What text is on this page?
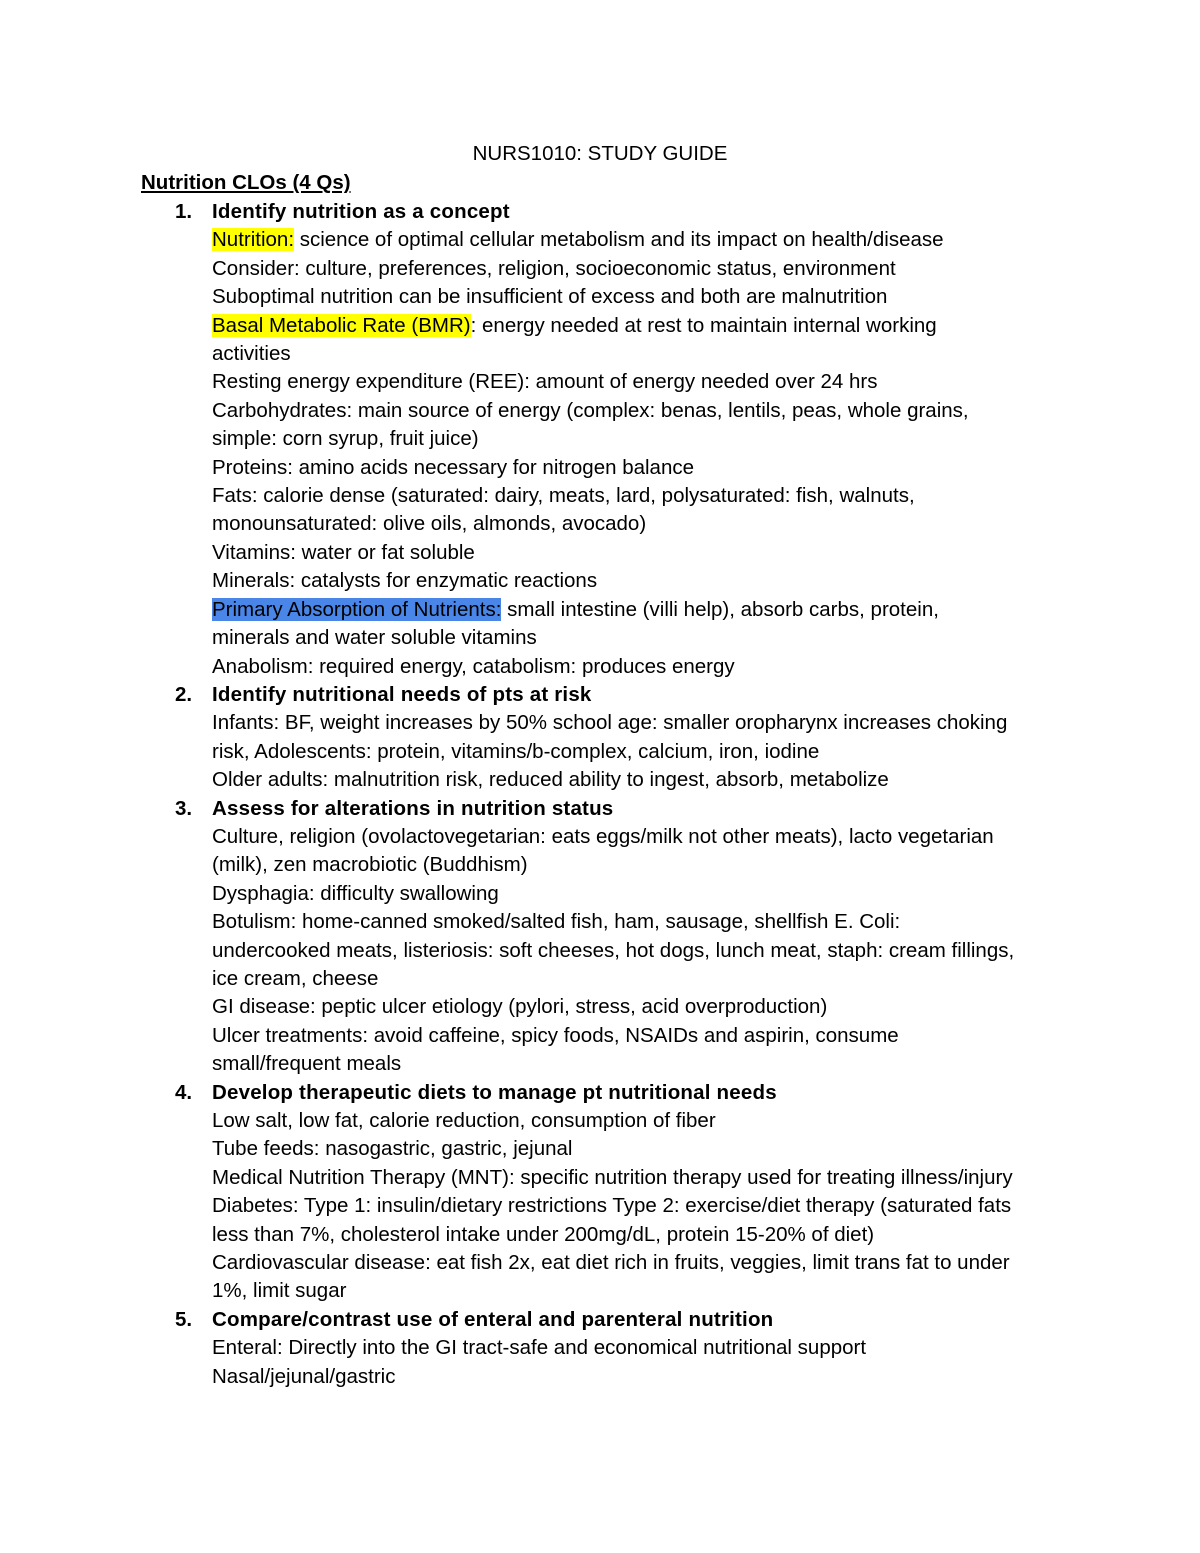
NURS1010: STUDY GUIDE
Nutrition CLOs (4 Qs)
1. Identify nutrition as a concept
Nutrition: science of optimal cellular metabolism and its impact on health/disease
Consider: culture, preferences, religion, socioeconomic status, environment
Suboptimal nutrition can be insufficient of excess and both are malnutrition
Basal Metabolic Rate (BMR): energy needed at rest to maintain internal working
activities
Resting energy expenditure (REE): amount of energy needed over 24 hrs
Carbohydrates: main source of energy (complex: benas, lentils, peas, whole grains,
simple: corn syrup, fruit juice)
Proteins: amino acids necessary for nitrogen balance
Fats: calorie dense (saturated: dairy, meats, lard, polysaturated: fish, walnuts,
monounsaturated: olive oils, almonds, avocado)
Vitamins: water or fat soluble
Minerals: catalysts for enzymatic reactions
Primary Absorption of Nutrients: small intestine (villi help), absorb carbs, protein,
minerals and water soluble vitamins
Anabolism: required energy, catabolism: produces energy
2. Identify nutritional needs of pts at risk
Infants: BF, weight increases by 50% school age: smaller oropharynx increases choking
risk, Adolescents: protein, vitamins/b-complex, calcium, iron, iodine
Older adults: malnutrition risk, reduced ability to ingest, absorb, metabolize
3. Assess for alterations in nutrition status
Culture, religion (ovolactovegetarian: eats eggs/milk not other meats), lacto vegetarian
(milk), zen macrobiotic (Buddhism)
Dysphagia: difficulty swallowing
Botulism: home-canned smoked/salted fish, ham, sausage, shellfish E. Coli:
undercooked meats, listeriosis: soft cheeses, hot dogs, lunch meat, staph: cream fillings,
ice cream, cheese
GI disease: peptic ulcer etiology (pylori, stress, acid overproduction)
Ulcer treatments: avoid caffeine, spicy foods, NSAIDs and aspirin, consume
small/frequent meals
4. Develop therapeutic diets to manage pt nutritional needs
Low salt, low fat, calorie reduction, consumption of fiber
Tube feeds: nasogastric, gastric, jejunal
Medical Nutrition Therapy (MNT): specific nutrition therapy used for treating illness/injury
Diabetes: Type 1: insulin/dietary restrictions Type 2: exercise/diet therapy (saturated fats
less than 7%, cholesterol intake under 200mg/dL, protein 15-20% of diet)
Cardiovascular disease: eat fish 2x, eat diet rich in fruits, veggies, limit trans fat to under
1%, limit sugar
5. Compare/contrast use of enteral and parenteral nutrition
Enteral: Directly into the GI tract-safe and economical nutritional support
Nasal/jejunal/gastric
